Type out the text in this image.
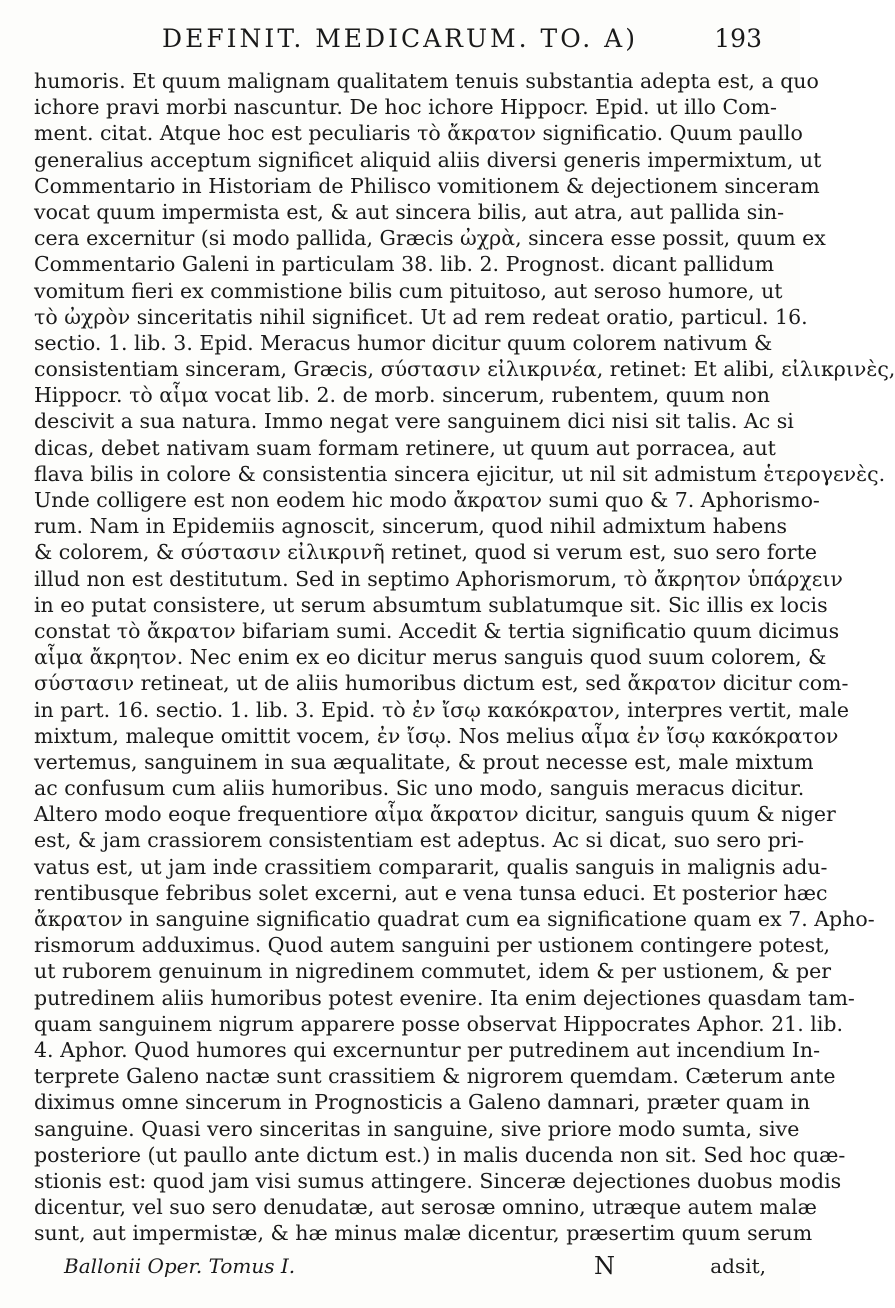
DEFINIT. MEDICARUM. TO. A)	193
humoris. Et quum malignam qualitatem tenuis substantia adepta est, a quo
ichore pravi morbi nascuntur. De hoc ichore Hippocr. Epid. ut illo Com-
ment. citat. Atque hoc est peculiaris τὸ ἄκρατον significatio. Quum paullo
generalius acceptum significet aliquid aliis diversi generis impermixtum, ut
Commentario in Historiam de Philisco vomitionem & dejectionem sinceram
vocat quum impermista est, & aut sincera bilis, aut atra, aut pallida sin-
cera excernitur (si modo pallida, Græcis ὠχρὰ, sincera esse possit, quum ex
Commentario Galeni in particulam 38. lib. 2. Prognost. dicant pallidum
vomitum fieri ex commistione bilis cum pituitoso, aut seroso humore, ut
τὸ ὠχρὸν sinceritatis nihil significet. Ut ad rem redeat oratio, particul. 16.
sectio. 1. lib. 3. Epid. Meracus humor dicitur quum colorem nativum &
consistentiam sinceram, Græcis, σύστασιν εἰλικρινέα, retinet: Et alibi, εἰλικρινὲς,
Hippocr. τὸ αἷμα vocat lib. 2. de morb. sincerum, rubentem, quum non
descivit a sua natura. Immo negat vere sanguinem dici nisi sit talis. Ac si
dicas, debet nativam suam formam retinere, ut quum aut porracea, aut
flava bilis in colore & consistentia sincera ejicitur, ut nil sit admistum ἑτερογενὲς.
Unde colligere est non eodem hic modo ἄκρατον sumi quo & 7. Aphorismo-
rum. Nam in Epidemiis agnoscit, sincerum, quod nihil admixtum habens
& colorem, & σύστασιν εἰλικρινῆ retinet, quod si verum est, suo sero forte
illud non est destitutum. Sed in septimo Aphorismorum, τὸ ἄκρητον ὑπάρχειν
in eo putat consistere, ut serum absumtum sublatumque sit. Sic illis ex locis
constat τὸ ἄκρατον bifariam sumi. Accedit & tertia significatio quum dicimus
αἷμα ἄκρητον. Nec enim ex eo dicitur merus sanguis quod suum colorem, &
σύστασιν retineat, ut de aliis humoribus dictum est, sed ἄκρατον dicitur com-
in part. 16. sectio. 1. lib. 3. Epid. τὸ ἐν ἴσῳ κακόκρατον, interpres vertit, male
mixtum, maleque omittit vocem, ἐν ἴσῳ. Nos melius αἷμα ἐν ἴσῳ κακόκρατον
vertemus, sanguinem in sua æqualitate, & prout necesse est, male mixtum
ac confusum cum aliis humoribus. Sic uno modo, sanguis meracus dicitur.
Altero modo eoque frequentiore αἷμα ἄκρατον dicitur, sanguis quum & niger
est, & jam crassiorem consistentiam est adeptus. Ac si dicat, suo sero pri-
vatus est, ut jam inde crassitiem compararit, qualis sanguis in malignis adu-
rentibusque febribus solet excerni, aut e vena tunsa educi. Et posterior hæc
ἄκρατον in sanguine significatio quadrat cum ea significatione quam ex 7. Apho-
rismorum adduximus. Quod autem sanguini per ustionem contingere potest,
ut ruborem genuinum in nigredinem commutet, idem & per ustionem, & per
putredinem aliis humoribus potest evenire. Ita enim dejectiones quasdam tam-
quam sanguinem nigrum apparere posse observat Hippocrates Aphor. 21. lib.
4. Aphor. Quod humores qui excernuntur per putredinem aut incendium In-
terprete Galeno nactæ sunt crassitiem & nigrorem quemdam. Cæterum ante
diximus omne sincerum in Prognosticis a Galeno damnari, præter quam in
sanguine. Quasi vero sinceritas in sanguine, sive priore modo sumta, sive
posteriore (ut paullo ante dictum est.) in malis ducenda non sit. Sed hoc quæ-
stionis est: quod jam visi sumus attingere. Sinceræ dejectiones duobus modis
dicentur, vel suo sero denudatæ, aut serosæ omnino, utræque autem malæ
sunt, aut impermistæ, & hæ minus malæ dicentur, præsertim quum serum
Ballonii Oper. Tomus I.	N	adsit,
